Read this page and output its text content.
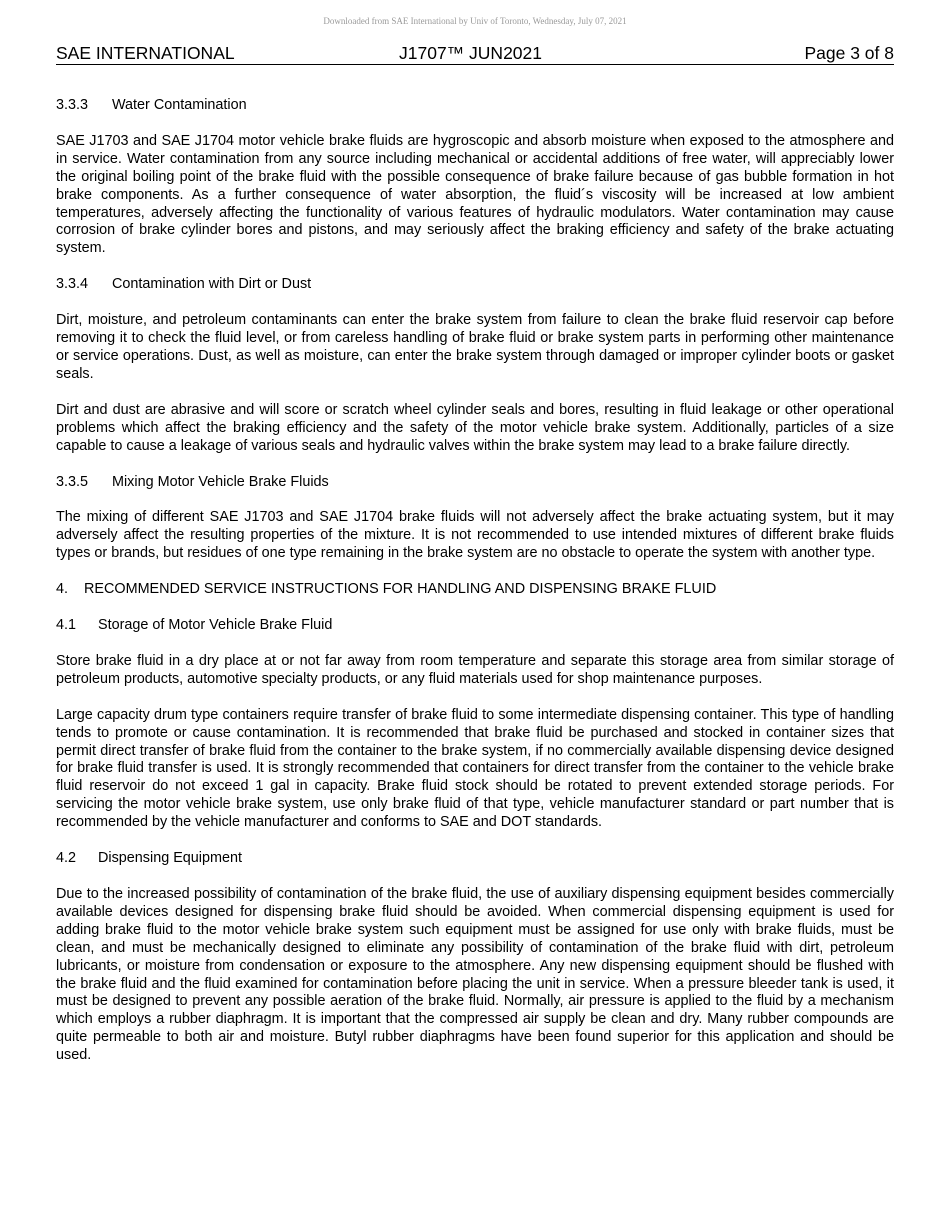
Downloaded from SAE International by Univ of Toronto, Wednesday, July 07, 2021
SAE INTERNATIONAL	J1707™ JUN2021	Page 3 of 8
3.3.3 Water Contamination

SAE J1703 and SAE J1704 motor vehicle brake fluids are hygroscopic and absorb moisture when exposed to the atmosphere and in service. Water contamination from any source including mechanical or accidental additions of free water, will appreciably lower the original boiling point of the brake fluid with the possible consequence of brake failure because of gas bubble formation in hot brake components. As a further consequence of water absorption, the fluid´s viscosity will be increased at low ambient temperatures, adversely affecting the functionality of various features of hydraulic modulators. Water contamination may cause corrosion of brake cylinder bores and pistons, and may seriously affect the braking efficiency and safety of the brake actuating system.

3.3.4 Contamination with Dirt or Dust

Dirt, moisture, and petroleum contaminants can enter the brake system from failure to clean the brake fluid reservoir cap before removing it to check the fluid level, or from careless handling of brake fluid or brake system parts in performing other maintenance or service operations. Dust, as well as moisture, can enter the brake system through damaged or improper cylinder boots or gasket seals.

Dirt and dust are abrasive and will score or scratch wheel cylinder seals and bores, resulting in fluid leakage or other operational problems which affect the braking efficiency and the safety of the motor vehicle brake system. Additionally, particles of a size capable to cause a leakage of various seals and hydraulic valves within the brake system may lead to a brake failure directly.

3.3.5 Mixing Motor Vehicle Brake Fluids

The mixing of different SAE J1703 and SAE J1704 brake fluids will not adversely affect the brake actuating system, but it may adversely affect the resulting properties of the mixture. It is not recommended to use intended mixtures of different brake fluids types or brands, but residues of one type remaining in the brake system are no obstacle to operate the system with another type.

4. RECOMMENDED SERVICE INSTRUCTIONS FOR HANDLING AND DISPENSING BRAKE FLUID
4.1 Storage of Motor Vehicle Brake Fluid

Store brake fluid in a dry place at or not far away from room temperature and separate this storage area from similar storage of petroleum products, automotive specialty products, or any fluid materials used for shop maintenance purposes.

Large capacity drum type containers require transfer of brake fluid to some intermediate dispensing container. This type of handling tends to promote or cause contamination. It is recommended that brake fluid be purchased and stocked in container sizes that permit direct transfer of brake fluid from the container to the brake system, if no commercially available dispensing device designed for brake fluid transfer is used. It is strongly recommended that containers for direct transfer from the container to the vehicle brake fluid reservoir do not exceed 1 gal in capacity. Brake fluid stock should be rotated to prevent extended storage periods. For servicing the motor vehicle brake system, use only brake fluid of that type, vehicle manufacturer standard or part number that is recommended by the vehicle manufacturer and conforms to SAE and DOT standards.

4.2 Dispensing Equipment

Due to the increased possibility of contamination of the brake fluid, the use of auxiliary dispensing equipment besides commercially available devices designed for dispensing brake fluid should be avoided. When commercial dispensing equipment is used for adding brake fluid to the motor vehicle brake system such equipment must be assigned for use only with brake fluids, must be clean, and must be mechanically designed to eliminate any possibility of contamination of the brake fluid with dirt, petroleum lubricants, or moisture from condensation or exposure to the atmosphere. Any new dispensing equipment should be flushed with the brake fluid and the fluid examined for contamination before placing the unit in service. When a pressure bleeder tank is used, it must be designed to prevent any possible aeration of the brake fluid. Normally, air pressure is applied to the fluid by a mechanism which employs a rubber diaphragm. It is important that the compressed air supply be clean and dry. Many rubber compounds are quite permeable to both air and moisture. Butyl rubber diaphragms have been found superior for this application and should be used.
